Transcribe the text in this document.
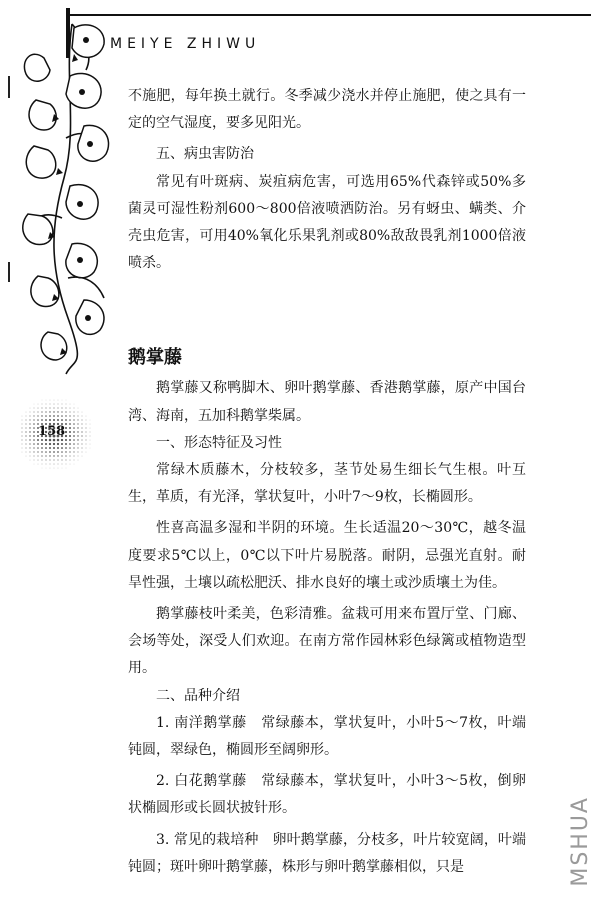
MEIYE ZHIWU
158

不施肥，每年换土就行。冬季减少浇水并停止施肥，使之具有一定的空气湿度，要多见阳光。

五、病虫害防治

常见有叶斑病、炭疽病危害，可选用65%代森锌或50%多菌灵可湿性粉剂600～800倍液喷洒防治。另有蚜虫、螨类、介壳虫危害，可用40%氧化乐果乳剂或80%敌敌畏乳剂1000倍液喷杀。

鹅掌藤

鹅掌藤又称鸭脚木、卵叶鹅掌藤、香港鹅掌藤，原产中国台湾、海南，五加科鹅掌柴属。

一、形态特征及习性

常绿木质藤木，分枝较多，茎节处易生细长气生根。叶互生，革质，有光泽，掌状复叶，小叶7～9枚，长椭圆形。

性喜高温多湿和半阴的环境。生长适温20～30℃，越冬温度要求5℃以上，0℃以下叶片易脱落。耐阴，忌强光直射。耐旱性强，土壤以疏松肥沃、排水良好的壤土或沙质壤土为佳。

鹅掌藤枝叶柔美，色彩清雅。盆栽可用来布置厅堂、门廊、会场等处，深受人们欢迎。在南方常作园林彩色绿篱或植物造型用。

二、品种介绍

1. 南洋鹅掌藤　常绿藤本，掌状复叶，小叶5～7枚，叶端钝圆，翠绿色，椭圆形至阔卵形。

2. 白花鹅掌藤　常绿藤本，掌状复叶，小叶3～5枚，倒卵状椭圆形或长圆状披针形。

3. 常见的栽培种　卵叶鹅掌藤，分枝多，叶片较宽阔，叶端钝圆；斑叶卵叶鹅掌藤，株形与卵叶鹅掌藤相似，只是	MSHUA
